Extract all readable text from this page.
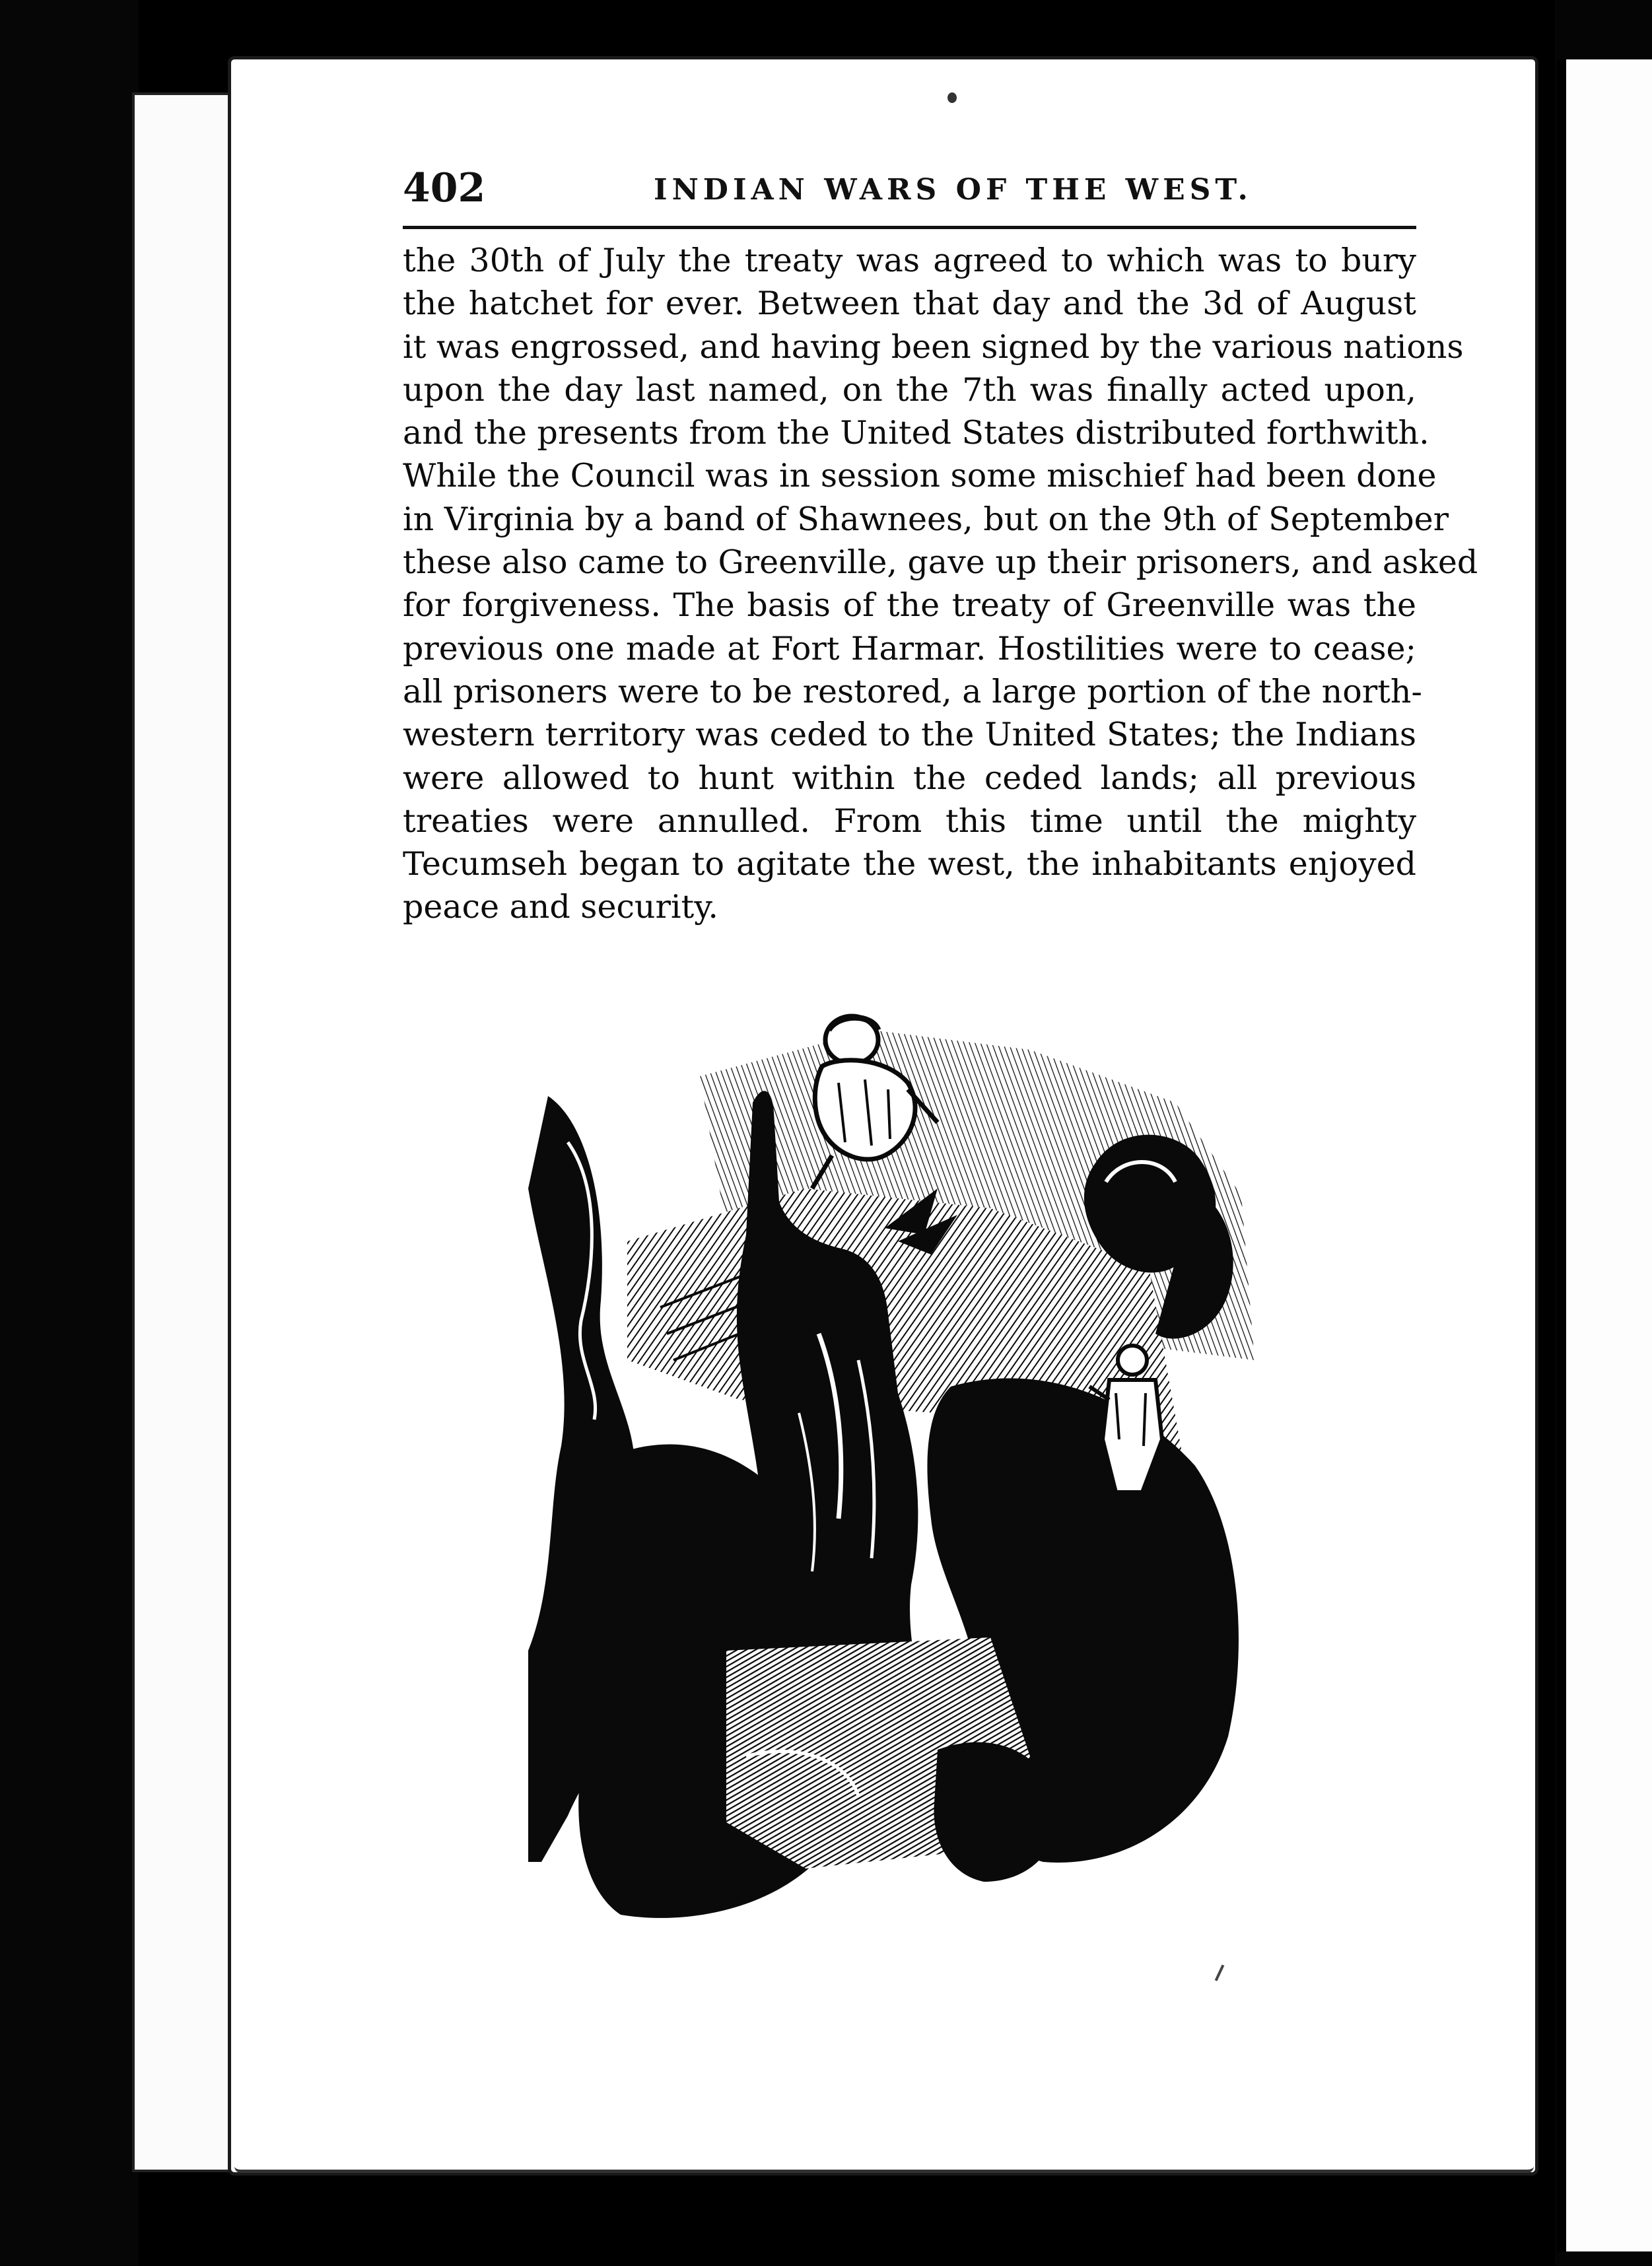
402	INDIAN WARS OF THE WEST.
the 30th of July the treaty was agreed to which was to bury
the hatchet for ever. Between that day and the 3d of August
it was engrossed, and having been signed by the various nations
upon the day last named, on the 7th was finally acted upon,
and the presents from the United States distributed forthwith.
While the Council was in session some mischief had been done
in Virginia by a band of Shawnees, but on the 9th of September
these also came to Greenville, gave up their prisoners, and asked
for forgiveness. The basis of the treaty of Greenville was the
previous one made at Fort Harmar. Hostilities were to cease;
all prisoners were to be restored, a large portion of the north-
western territory was ceded to the United States; the Indians
were allowed to hunt within the ceded lands; all previous
treaties were annulled. From this time until the mighty
Tecumseh began to agitate the west, the inhabitants enjoyed
peace and security.
